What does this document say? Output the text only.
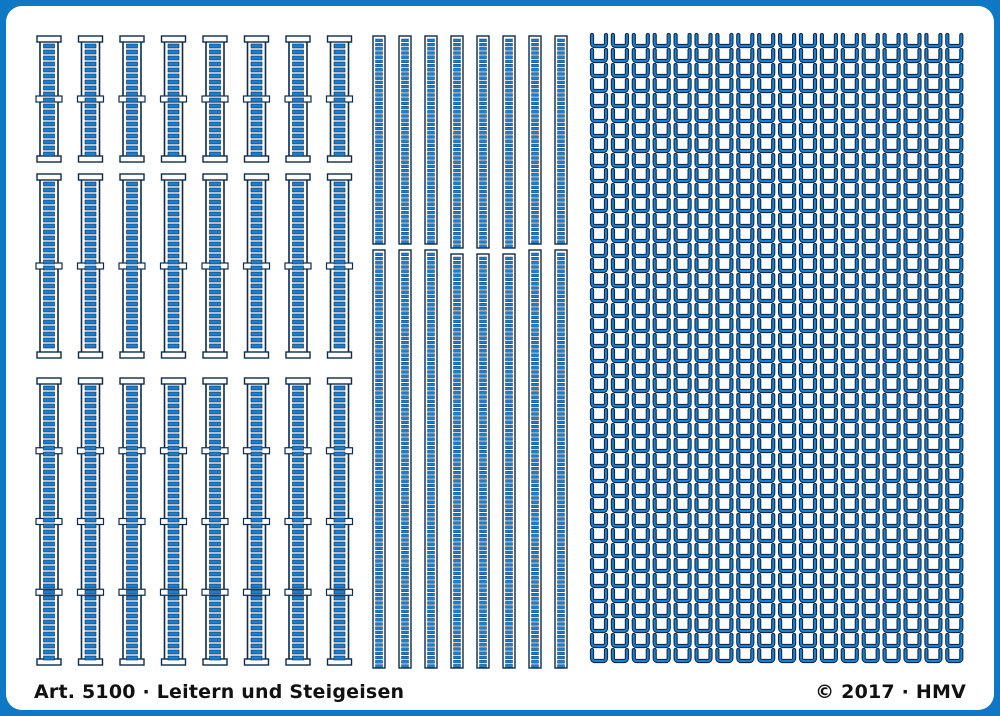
Art. 5100 · Leitern und Steigeisen	© 2017 · HMV
